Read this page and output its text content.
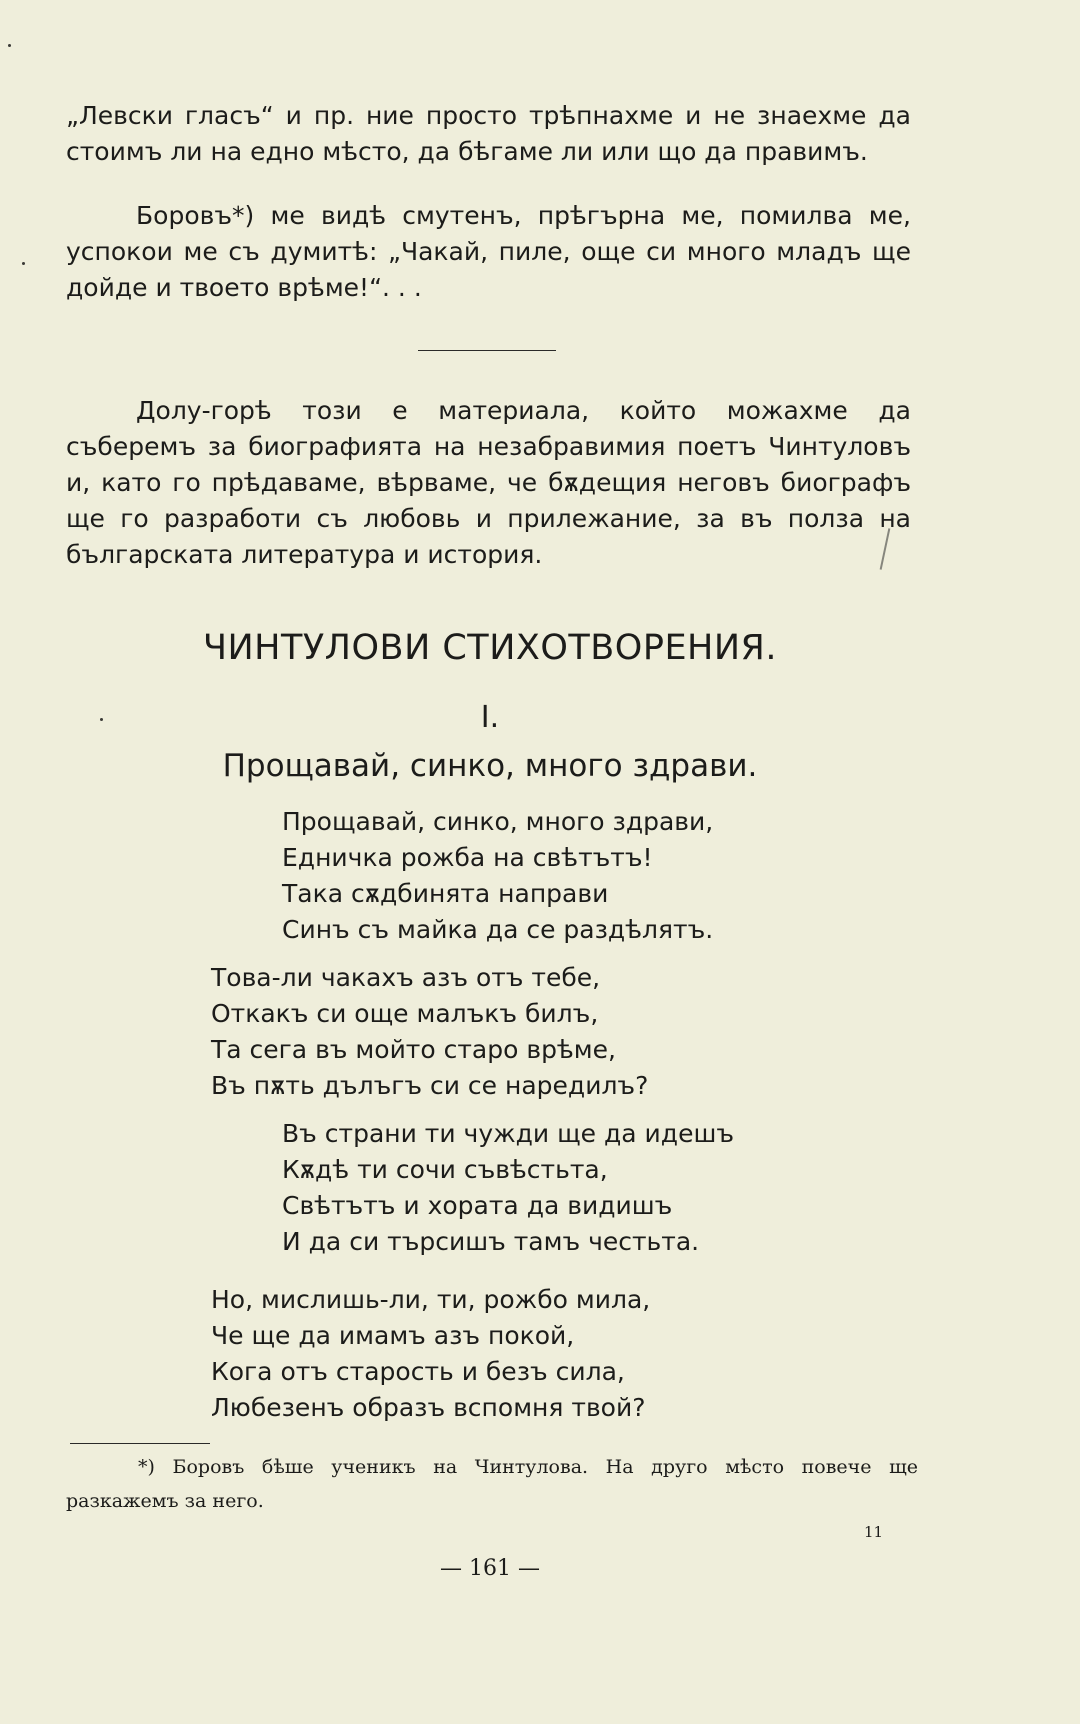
„Левски гласъ“ и пр. ние просто трѣпнахме и не знаехме да стоимъ ли на едно мѣсто, да бѣгаме ли или що да правимъ.

Боровъ*) ме видѣ смутенъ, прѣгърна ме, помилва ме, успокои ме съ думитѣ: „Чакай, пиле, още си много младъ ще дойде и твоето врѣме!“. . .

Долу-горѣ този е материала, който можахме да съберемъ за биографията на незабравимия поетъ Чинтуловъ и, като го прѣдаваме, вѣрваме, че бѫдещия неговъ биографъ ще го разработи съ любовь и прилежание, за въ полза на българската литература и история.

ЧИНТУЛОВИ СТИХОТВОРЕНИЯ.
I.
Прощавай, синко, много здрави.
Прощавай, синко, много здрави,
Едничка рожба на свѣтътъ!
Така сѫдбинята направи
Синъ съ майка да се раздѣлятъ.
Това-ли чакахъ азъ отъ тебе,
Откакъ си още малъкъ билъ,
Та сега въ мойто старо врѣме,
Въ пѫть дълъгъ си се наредилъ?
Въ страни ти чужди ще да идешъ
Кѫдѣ ти сочи съвѣстьта,
Свѣтътъ и хората да видишъ
И да си търсишъ тамъ честьта.
Но, мислишь-ли, ти, рожбо мила,
Че ще да имамъ азъ покой,
Кога отъ старость и безъ сила,
Любезенъ образъ вспомня твой?

*) Боровъ бѣше ученикъ на Чинтулова. На друго мѣсто повече ще разкажемъ за него.

11
— 161 —
